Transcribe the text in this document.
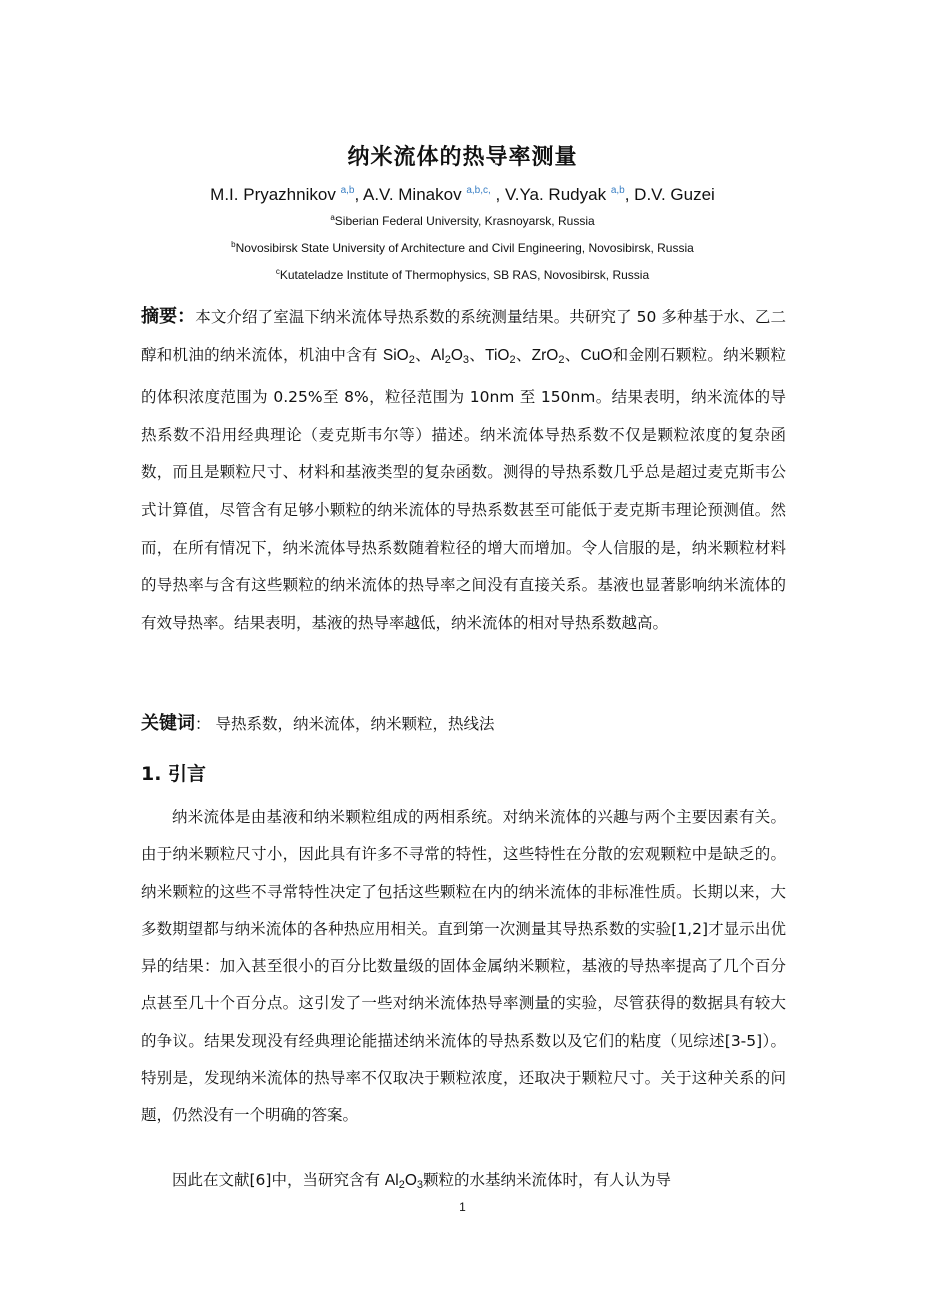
纳米流体的热导率测量
M.I. Pryazhnikov $^{a,b}$, A.V. Minakov $^{a,b,c,}$ , V.Ya. Rudyak $^{a,b}$, D.V. Guzei
$^a$Siberian Federal University, Krasnoyarsk, Russia
$^b$Novosibirsk State University of Architecture and Civil Engineering, Novosibirsk, Russia
$^c$Kutateladze Institute of Thermophysics, SB RAS, Novosibirsk, Russia
摘要：本文介绍了室温下纳米流体导热系数的系统测量结果。共研究了 50 多种基于水、乙二醇和机油的纳米流体，机油中含有 SiO$_2$、$Al_2O_3$、TiO$_2$、ZrO$_2$、CuO和金刚石颗粒。纳米颗粒的体积浓度范围为 0.25%至 8%，粒径范围为 10nm 至 150nm。结果表明，纳米流体的导热系数不沿用经典理论（麦克斯韦尔等）描述。纳米流体导热系数不仅是颗粒浓度的复杂函数，而且是颗粒尺寸、材料和基液类型的复杂函数。测得的导热系数几乎总是超过麦克斯韦公式计算值，尽管含有足够小颗粒的纳米流体的导热系数甚至可能低于麦克斯韦理论预测值。然而，在所有情况下，纳米流体导热系数随着粒径的增大而增加。令人信服的是，纳米颗粒材料的导热率与含有这些颗粒的纳米流体的热导率之间没有直接关系。基液也显著影响纳米流体的有效导热率。结果表明，基液的热导率越低，纳米流体的相对导热系数越高。
关键词： 导热系数，纳米流体，纳米颗粒，热线法
1. 引言
纳米流体是由基液和纳米颗粒组成的两相系统。对纳米流体的兴趣与两个主要因素有关。由于纳米颗粒尺寸小，因此具有许多不寻常的特性，这些特性在分散的宏观颗粒中是缺乏的。纳米颗粒的这些不寻常特性决定了包括这些颗粒在内的纳米流体的非标准性质。长期以来，大多数期望都与纳米流体的各种热应用相关。直到第一次测量其导热系数的实验[1,2]才显示出优异的结果：加入甚至很小的百分比数量级的固体金属纳米颗粒，基液的导热率提高了几个百分点甚至几十个百分点。这引发了一些对纳米流体热导率测量的实验，尽管获得的数据具有较大的争议。结果发现没有经典理论能描述纳米流体的导热系数以及它们的粘度（见综述[3-5]）。特别是，发现纳米流体的热导率不仅取决于颗粒浓度，还取决于颗粒尺寸。关于这种关系的问题，仍然没有一个明确的答案。
因此在文献[6]中，当研究含有 $Al_2O_3$颗粒的水基纳米流体时，有人认为导
1
